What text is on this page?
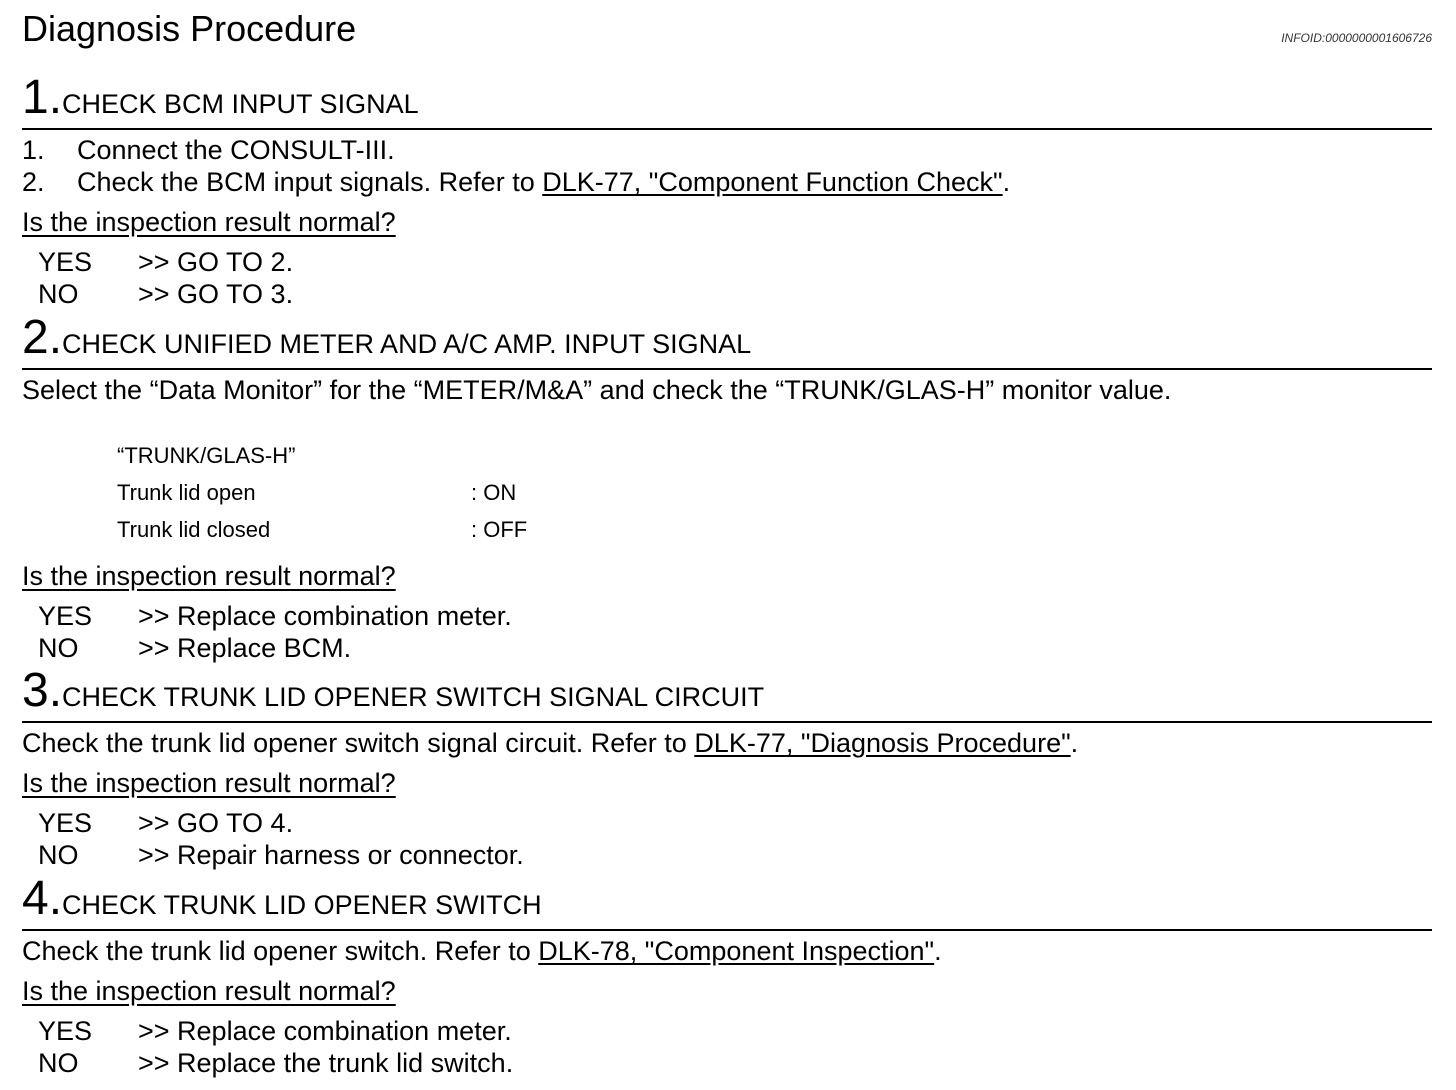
Diagnosis Procedure	INFOID:0000000001606726
1.CHECK BCM INPUT SIGNAL
1. Connect the CONSULT-III.
2. Check the BCM input signals. Refer to DLK-77, "Component Function Check".
Is the inspection result normal?
YES >> GO TO 2.
NO >> GO TO 3.
2.CHECK UNIFIED METER AND A/C AMP. INPUT SIGNAL
Select the “Data Monitor” for the “METER/M&A” and check the “TRUNK/GLAS-H” monitor value.
“TRUNK/GLAS-H”
Trunk lid open	: ON
Trunk lid closed	: OFF
Is the inspection result normal?
YES >> Replace combination meter.
NO >> Replace BCM.
3.CHECK TRUNK LID OPENER SWITCH SIGNAL CIRCUIT
Check the trunk lid opener switch signal circuit. Refer to DLK-77, "Diagnosis Procedure".
Is the inspection result normal?
YES >> GO TO 4.
NO >> Repair harness or connector.
4.CHECK TRUNK LID OPENER SWITCH
Check the trunk lid opener switch. Refer to DLK-78, "Component Inspection".
Is the inspection result normal?
YES >> Replace combination meter.
NO >> Replace the trunk lid switch.
